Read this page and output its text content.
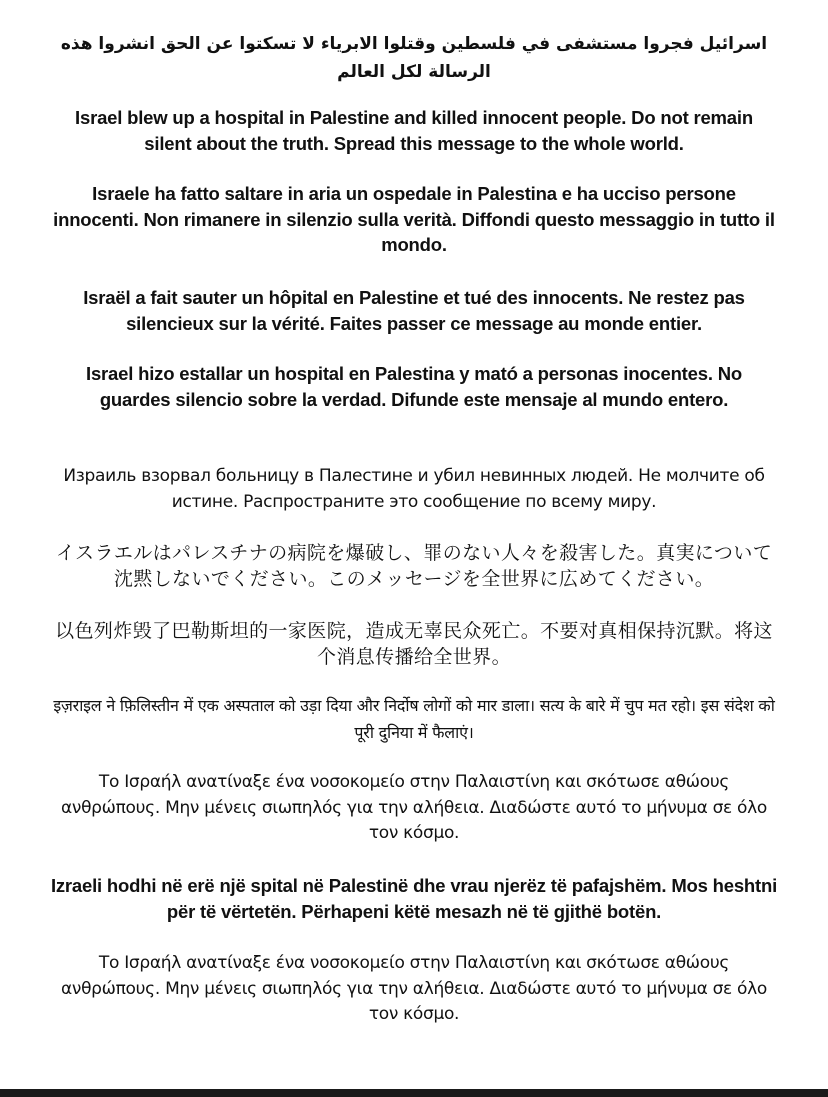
اسرائيل فجروا مستشفى في فلسطين وقتلوا الابرياء لا تسكتوا عن الحق انشروا هذه الرسالة لكل العالم

Israel blew up a hospital in Palestine and killed innocent people. Do not remain silent about the truth. Spread this message to the whole world.

Israele ha fatto saltare in aria un ospedale in Palestina e ha ucciso persone innocenti. Non rimanere in silenzio sulla verità. Diffondi questo messaggio in tutto il mondo.

Israël a fait sauter un hôpital en Palestine et tué des innocents. Ne restez pas silencieux sur la vérité. Faites passer ce message au monde entier.

Israel hizo estallar un hospital en Palestina y mató a personas inocentes. No guardes silencio sobre la verdad. Difunde este mensaje al mundo entero.

Израиль взорвал больницу в Палестине и убил невинных людей. Не молчите об истине. Распространите это сообщение по всему миру.

イスラエルはパレスチナの病院を爆破し、罪のない人々を殺害した。真実について沈黙しないでください。このメッセージを全世界に広めてください。

以色列炸毁了巴勒斯坦的一家医院，造成无辜民众死亡。不要对真相保持沉默。将这个消息传播给全世界。

इज़राइल ने फ़िलिस्तीन में एक अस्पताल को उड़ा दिया और निर्दोष लोगों को मार डाला। सत्य के बारे में चुप मत रहो। इस संदेश को पूरी दुनिया में फैलाएं।

Το Ισραήλ ανατίναξε ένα νοσοκομείο στην Παλαιστίνη και σκότωσε αθώους ανθρώπους. Μην μένεις σιωπηλός για την αλήθεια. Διαδώστε αυτό το μήνυμα σε όλο τον κόσμο.

Izraeli hodhi në erë një spital në Palestinë dhe vrau njerëz të pafajshëm. Mos heshtni për të vërtetën. Përhapeni këtë mesazh në të gjithë botën.

Το Ισραήλ ανατίναξε ένα νοσοκομείο στην Παλαιστίνη και σκότωσε αθώους ανθρώπους. Μην μένεις σιωπηλός για την αλήθεια. Διαδώστε αυτό το μήνυμα σε όλο τον κόσμο.
